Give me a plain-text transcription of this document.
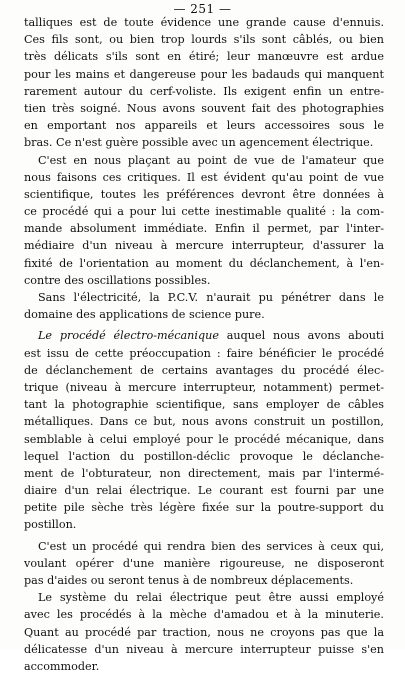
— 251 —
talliques est de toute évidence une grande cause d'ennuis.
Ces fils sont, ou bien trop lourds s'ils sont câblés, ou bien
très délicats s'ils sont en étiré; leur manœuvre est ardue
pour les mains et dangereuse pour les badauds qui manquent
rarement autour du cerf-voliste. Ils exigent enfin un entre-
tien très soigné. Nous avons souvent fait des photographies
en emportant nos appareils et leurs accessoires sous le
bras. Ce n'est guère possible avec un agencement électrique.
C'est en nous plaçant au point de vue de l'amateur que
nous faisons ces critiques. Il est évident qu'au point de vue
scientifique, toutes les préférences devront être données à
ce procédé qui a pour lui cette inestimable qualité : la com-
mande absolument immédiate. Enfin il permet, par l'inter-
médiaire d'un niveau à mercure interrupteur, d'assurer la
fixité de l'orientation au moment du déclanchement, à l'en-
contre des oscillations possibles.
Sans l'électricité, la P.C.V. n'aurait pu pénétrer dans le
domaine des applications de science pure.
Le procédé électro-mécanique auquel nous avons abouti
est issu de cette préoccupation : faire bénéficier le procédé
de déclanchement de certains avantages du procédé élec-
trique (niveau à mercure interrupteur, notamment) permet-
tant la photographie scientifique, sans employer de câbles
métalliques. Dans ce but, nous avons construit un postillon,
semblable à celui employé pour le procédé mécanique, dans
lequel l'action du postillon-déclic provoque le déclanche-
ment de l'obturateur, non directement, mais par l'intermé-
diaire d'un relai électrique. Le courant est fourni par une
petite pile sèche très légère fixée sur la poutre-support du
postillon.
C'est un procédé qui rendra bien des services à ceux qui,
voulant opérer d'une manière rigoureuse, ne disposeront
pas d'aides ou seront tenus à de nombreux déplacements.
Le système du relai électrique peut être aussi employé
avec les procédés à la mèche d'amadou et à la minuterie.
Quant au procédé par traction, nous ne croyons pas que la
délicatesse d'un niveau à mercure interrupteur puisse s'en
accommoder.
